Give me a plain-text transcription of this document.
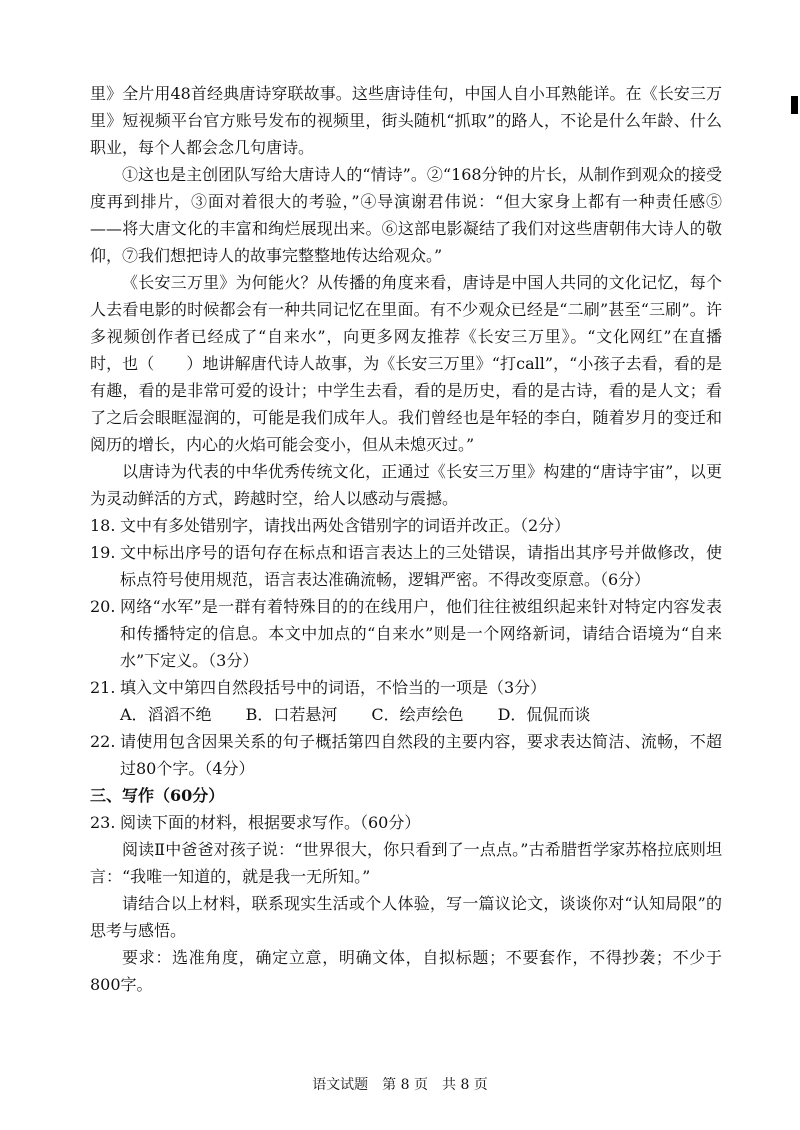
里》全片用48首经典唐诗穿联故事。这些唐诗佳句，中国人自小耳熟能详。在《长安三万里》短视频平台官方账号发布的视频里，街头随机“抓取”的路人，不论是什么年龄、什么职业，每个人都会念几句唐诗。

①这也是主创团队写给大唐诗人的“情诗”。②“168分钟的片长，从制作到观众的接受度再到排片，③面对着很大的考验，”④导演谢君伟说：“但大家身上都有一种责任感⑤——将大唐文化的丰富和绚烂展现出来。⑥这部电影凝结了我们对这些唐朝伟大诗人的敬仰，⑦我们想把诗人的故事完整整地传达给观众。”

《长安三万里》为何能火？从传播的角度来看，唐诗是中国人共同的文化记忆，每个人去看电影的时候都会有一种共同记忆在里面。有不少观众已经是“二刷”甚至“三刷”。许多视频创作者已经成了“自来水”，向更多网友推荐《长安三万里》。“文化网红”在直播时，也（　　）地讲解唐代诗人故事，为《长安三万里》“打call”，“小孩子去看，看的是有趣，看的是非常可爱的设计；中学生去看，看的是历史，看的是古诗，看的是人文；看了之后会眼眶湿润的，可能是我们成年人。我们曾经也是年轻的李白，随着岁月的变迁和阅历的增长，内心的火焰可能会变小，但从未熄灭过。”

以唐诗为代表的中华优秀传统文化，正通过《长安三万里》构建的“唐诗宇宙”，以更为灵动鲜活的方式，跨越时空，给人以感动与震撼。

18. 文中有多处错别字，请找出两处含错别字的词语并改正。（2分）
19. 文中标出序号的语句存在标点和语言表达上的三处错误，请指出其序号并做修改，使标点符号使用规范，语言表达准确流畅，逻辑严密。不得改变原意。（6分）
20. 网络“水军”是一群有着特殊目的的在线用户，他们往往被组织起来针对特定内容发表和传播特定的信息。本文中加点的“自来水”则是一个网络新词，请结合语境为“自来水”下定义。（3分）
21. 填入文中第四自然段括号中的词语，不恰当的一项是（3分）
A．滔滔不绝 B．口若悬河 C．绘声绘色 D．侃侃而谈
22. 请使用包含因果关系的句子概括第四自然段的主要内容，要求表达简洁、流畅，不超过80个字。（4分）

三、写作（60分）

23. 阅读下面的材料，根据要求写作。（60分）

阅读Ⅱ中爸爸对孩子说：“世界很大，你只看到了一点点。”古希腊哲学家苏格拉底则坦言：“我唯一知道的，就是我一无所知。”

请结合以上材料，联系现实生活或个人体验，写一篇议论文，谈谈你对“认知局限”的思考与感悟。

要求：选准角度，确定立意，明确文体，自拟标题；不要套作，不得抄袭；不少于 800字。

语文试题　第 8 页　共 8 页
